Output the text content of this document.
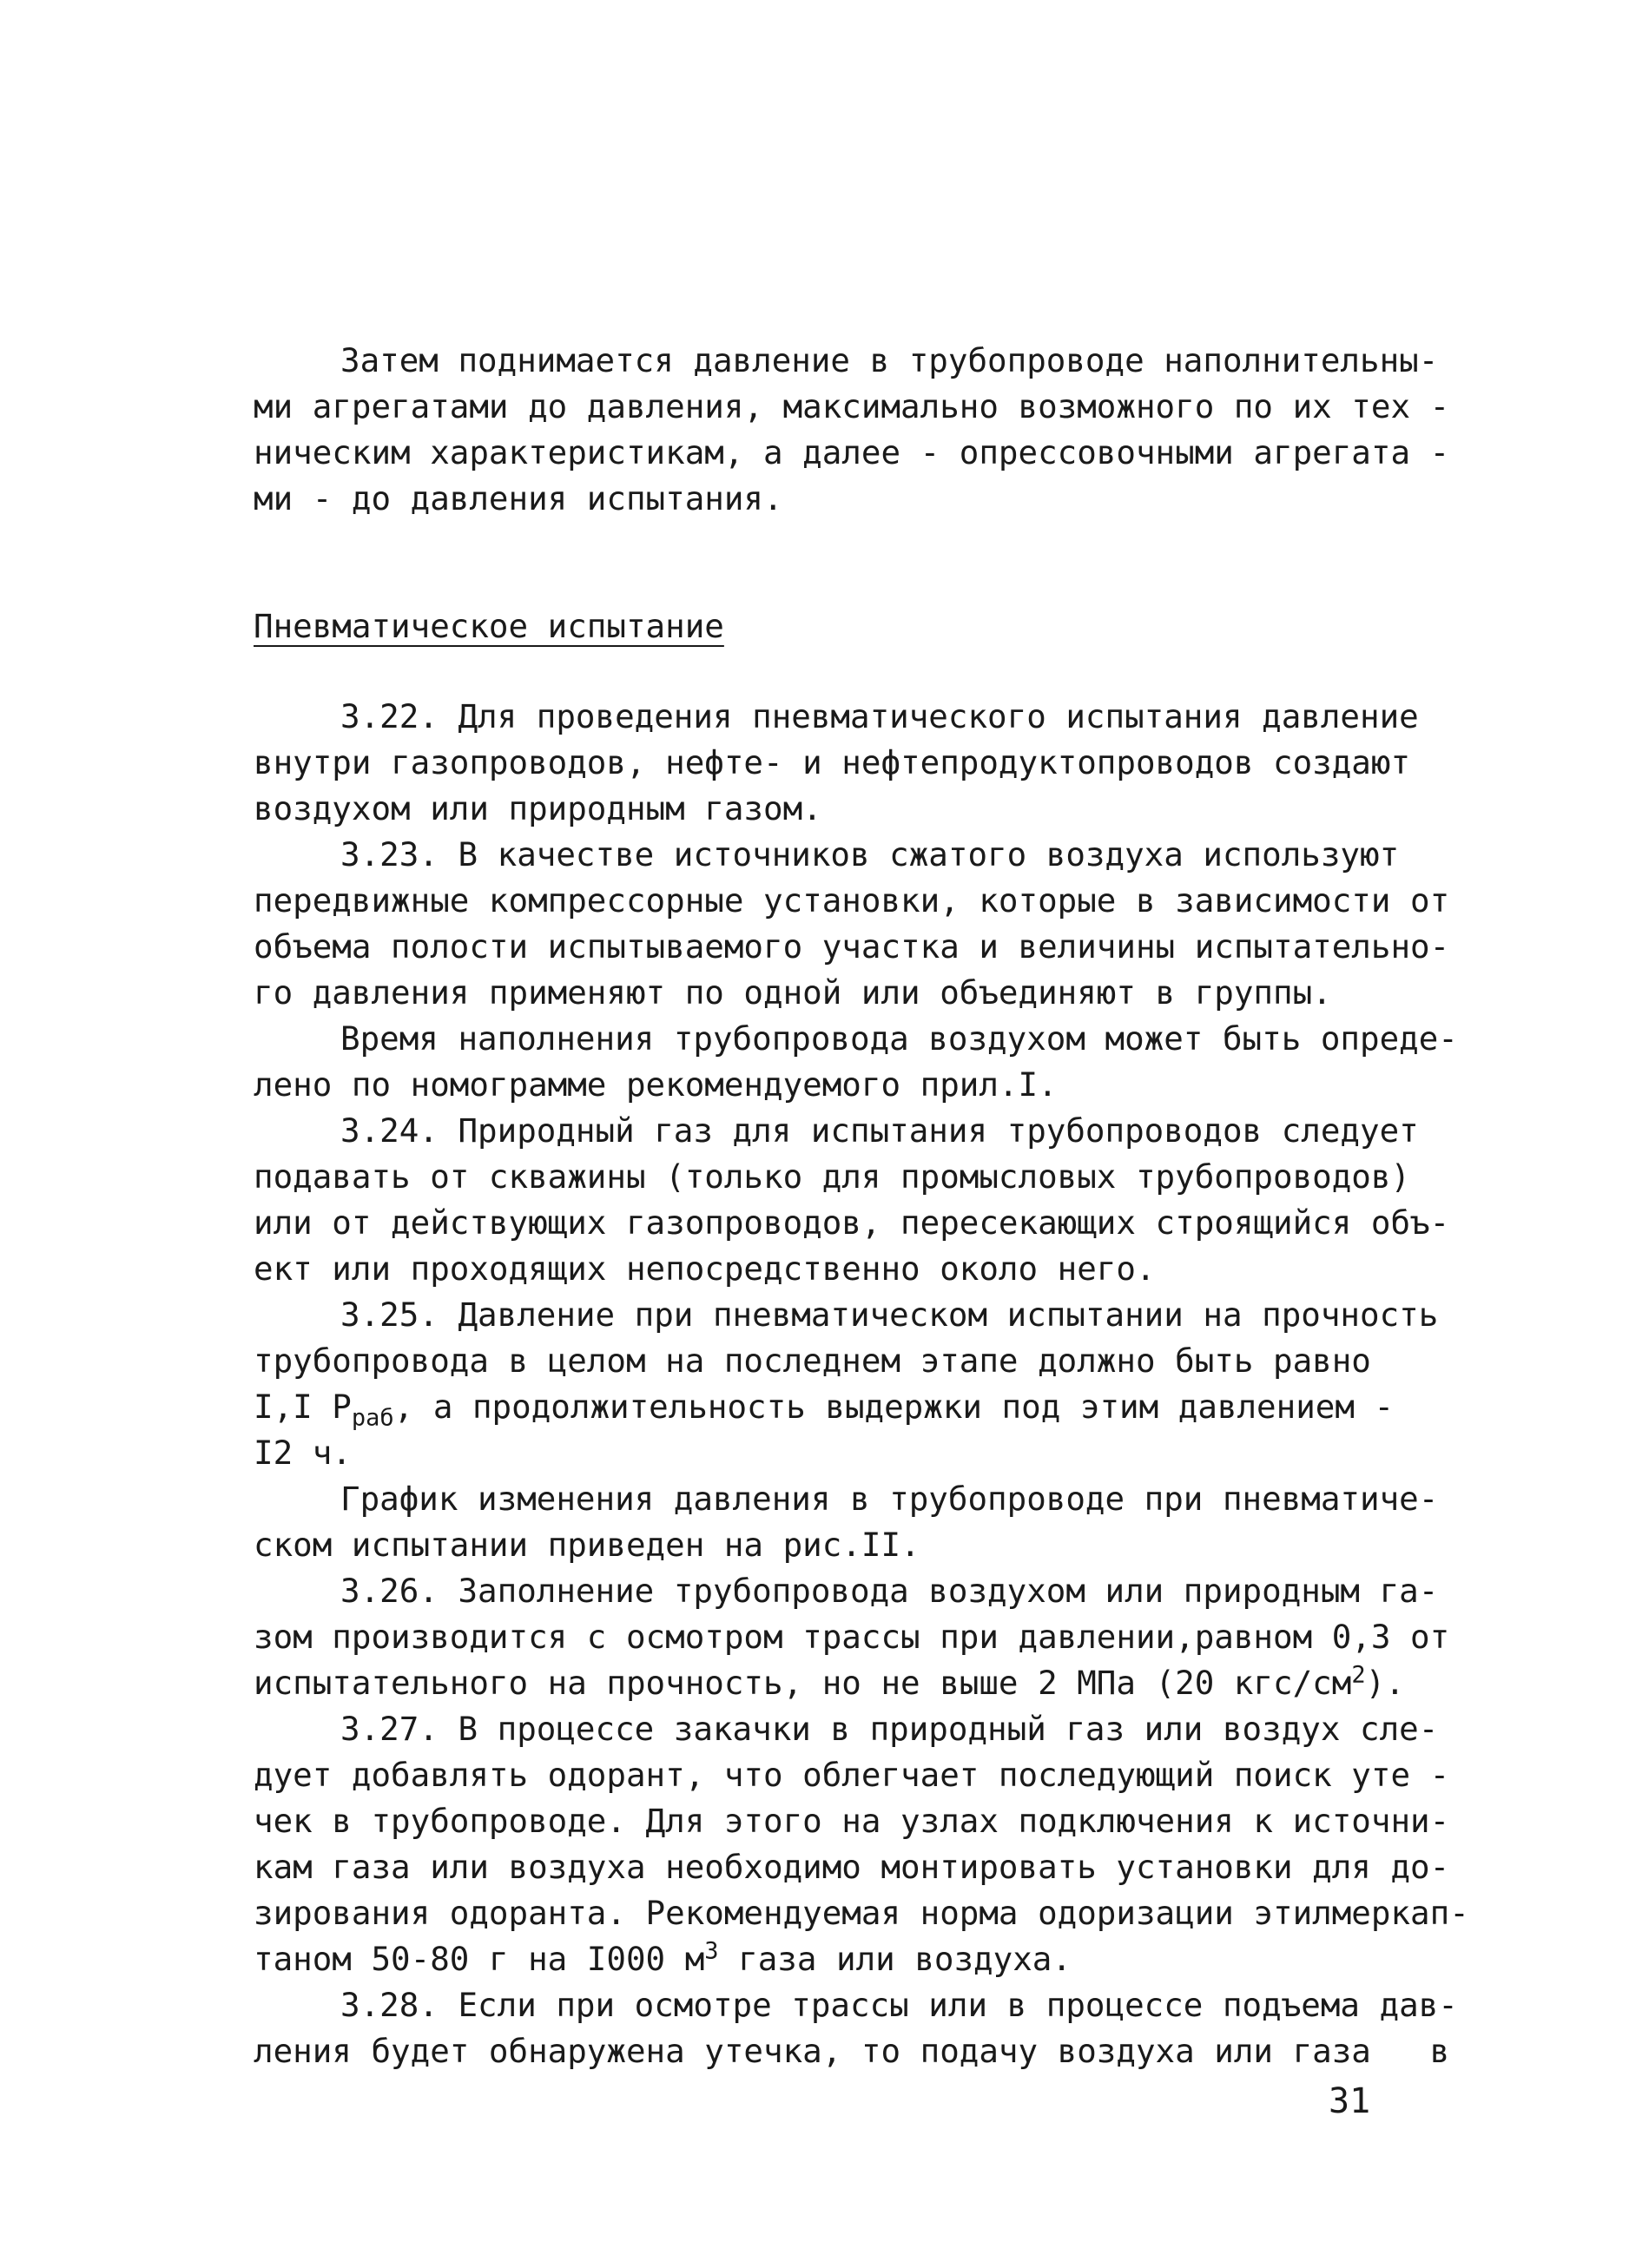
Затем поднимается давление в трубопроводе наполнительны-
ми агрегатами до давления, максимально возможного по их тех -
ническим характеристикам, а далее - опрессовочными агрегата -
ми - до давления испытания.
Пневматическое испытание
3.22. Для проведения пневматического испытания давление
внутри газопроводов, нефте- и нефтепродуктопроводов создают
воздухом или природным газом.
3.23. В качестве источников сжатого воздуха используют
передвижные компрессорные установки, которые в зависимости от
объема полости испытываемого участка и величины испытательно-
го давления применяют по одной или объединяют в группы.
Время наполнения трубопровода воздухом может быть опреде-
лено по номограмме рекомендуемого прил.I.
3.24. Природный газ для испытания трубопроводов следует
подавать от скважины (только для промысловых трубопроводов)
или от действующих газопроводов, пересекающих строящийся объ-
ект или проходящих непосредственно около него.
3.25. Давление при пневматическом испытании на прочность
трубопровода в целом на последнем этапе должно быть равно
I,I $P_{раб}$, а продолжительность выдержки под этим давлением -
I2 ч.
График изменения давления в трубопроводе при пневматиче-
ском испытании приведен на рис.II.
3.26. Заполнение трубопровода воздухом или природным га-
зом производится с осмотром трассы при давлении,равном 0,3 от
испытательного на прочность, но не выше 2 МПа (20 кгс/$см^2$).
3.27. В процессе закачки в природный газ или воздух сле-
дует добавлять одорант, что облегчает последующий поиск уте -
чек в трубопроводе. Для этого на узлах подключения к источни-
кам газа или воздуха необходимо монтировать установки для до-
зирования одоранта. Рекомендуемая норма одоризации этилмеркап-
таном 50-80 г на I000 $м^3$ газа или воздуха.
3.28. Если при осмотре трассы или в процессе подъема дав-
ления будет обнаружена утечка, то подачу воздуха или газа   в
31
